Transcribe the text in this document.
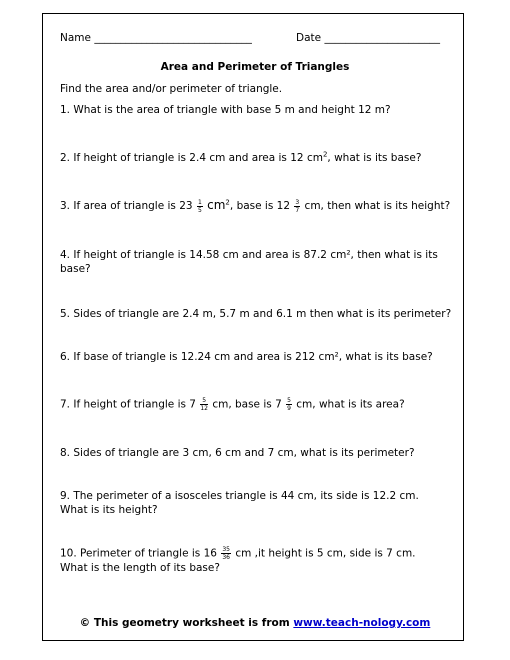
Name ______________________________	Date ______________________
Area and Perimeter of Triangles
Find the area and/or perimeter of triangle.
1. What is the area of triangle with base 5 m and height 12 m?
2. If height of triangle is 2.4 cm and area is 12 $cm^2$, what is its base?
3. If area of triangle is $23 \frac{1}{5} cm^2$, base is $12 \frac{3}{7}$ cm, then what is its height?
4. If height of triangle is 14.58 cm and area is 87.2 cm², then what is its base?
5. Sides of triangle are 2.4 m, 5.7 m and 6.1 m then what is its perimeter?
6. If base of triangle is 12.24 cm and area is 212 cm², what is its base?
7. If height of triangle is $7 \frac{5}{12}$ cm, base is $7 \frac{5}{9}$ cm, what is its area?
8. Sides of triangle are 3 cm, 6 cm and 7 cm, what is its perimeter?
9. The perimeter of a isosceles triangle is 44 cm, its side is 12.2 cm. What is its height?
10. Perimeter of triangle is $16 \frac{35}{36}$ cm ,it height is 5 cm, side is 7 cm. What is the length of its base?
© This geometry worksheet is from www.teach-nology.com
